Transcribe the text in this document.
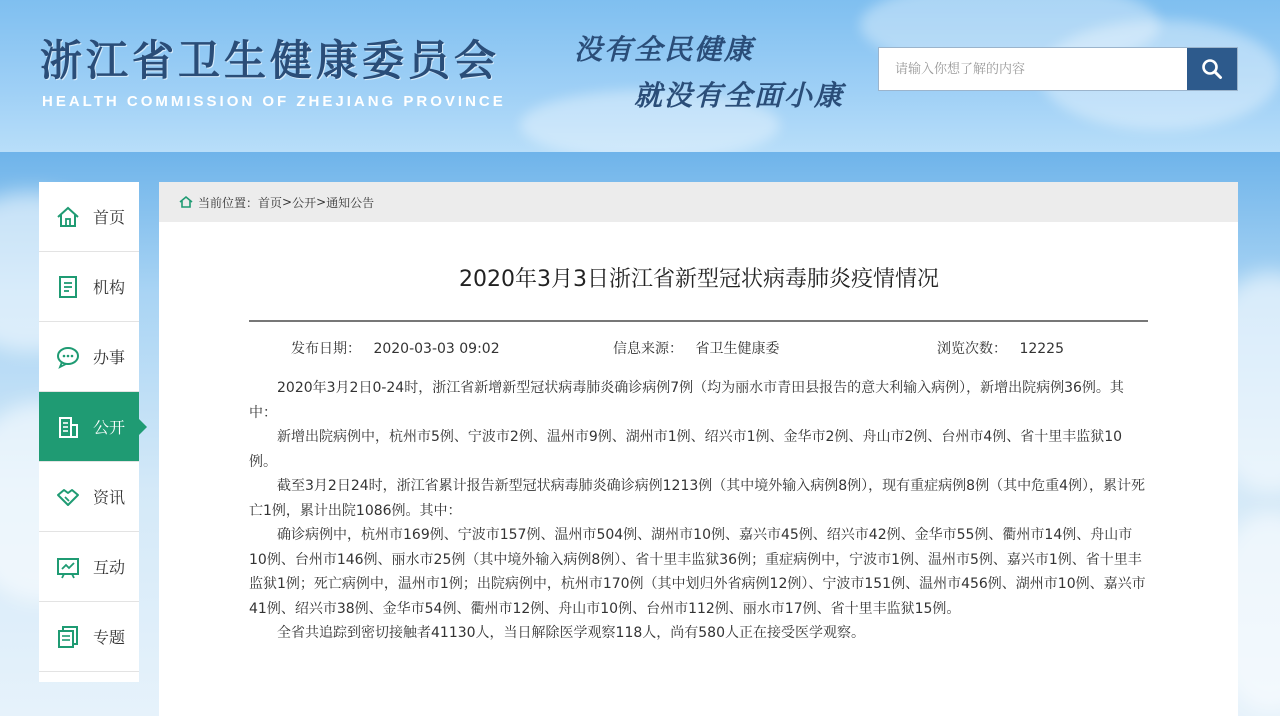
浙江省卫生健康委员会
HEALTH COMMISSION OF ZHEJIANG PROVINCE
没有全民健康
就没有全面小康
请输入你想了解的内容
首页
机构
办事
公开
资讯
互动
专题
当前位置： 首页 > 公开 > 通知公告
2020年3月3日浙江省新型冠状病毒肺炎疫情情况
发布日期： 2020-03-03 09:02	信息来源： 省卫生健康委	浏览次数： 12225

2020年3月2日0-24时，浙江省新增新型冠状病毒肺炎确诊病例7例（均为丽水市青田县报告的意大利输入病例），新增出院病例36例。其中：

新增出院病例中，杭州市5例、宁波市2例、温州市9例、湖州市1例、绍兴市1例、金华市2例、舟山市2例、台州市4例、省十里丰监狱10例。

截至3月2日24时，浙江省累计报告新型冠状病毒肺炎确诊病例1213例（其中境外输入病例8例），现有重症病例8例（其中危重4例），累计死亡1例，累计出院1086例。其中：

确诊病例中，杭州市169例、宁波市157例、温州市504例、湖州市10例、嘉兴市45例、绍兴市42例、金华市55例、衢州市14例、舟山市10例、台州市146例、丽水市25例（其中境外输入病例8例）、省十里丰监狱36例；重症病例中，宁波市1例、温州市5例、嘉兴市1例、省十里丰监狱1例；死亡病例中，温州市1例；出院病例中，杭州市170例（其中划归外省病例12例）、宁波市151例、温州市456例、湖州市10例、嘉兴市41例、绍兴市38例、金华市54例、衢州市12例、舟山市10例、台州市112例、丽水市17例、省十里丰监狱15例。

全省共追踪到密切接触者41130人，当日解除医学观察118人，尚有580人正在接受医学观察。
